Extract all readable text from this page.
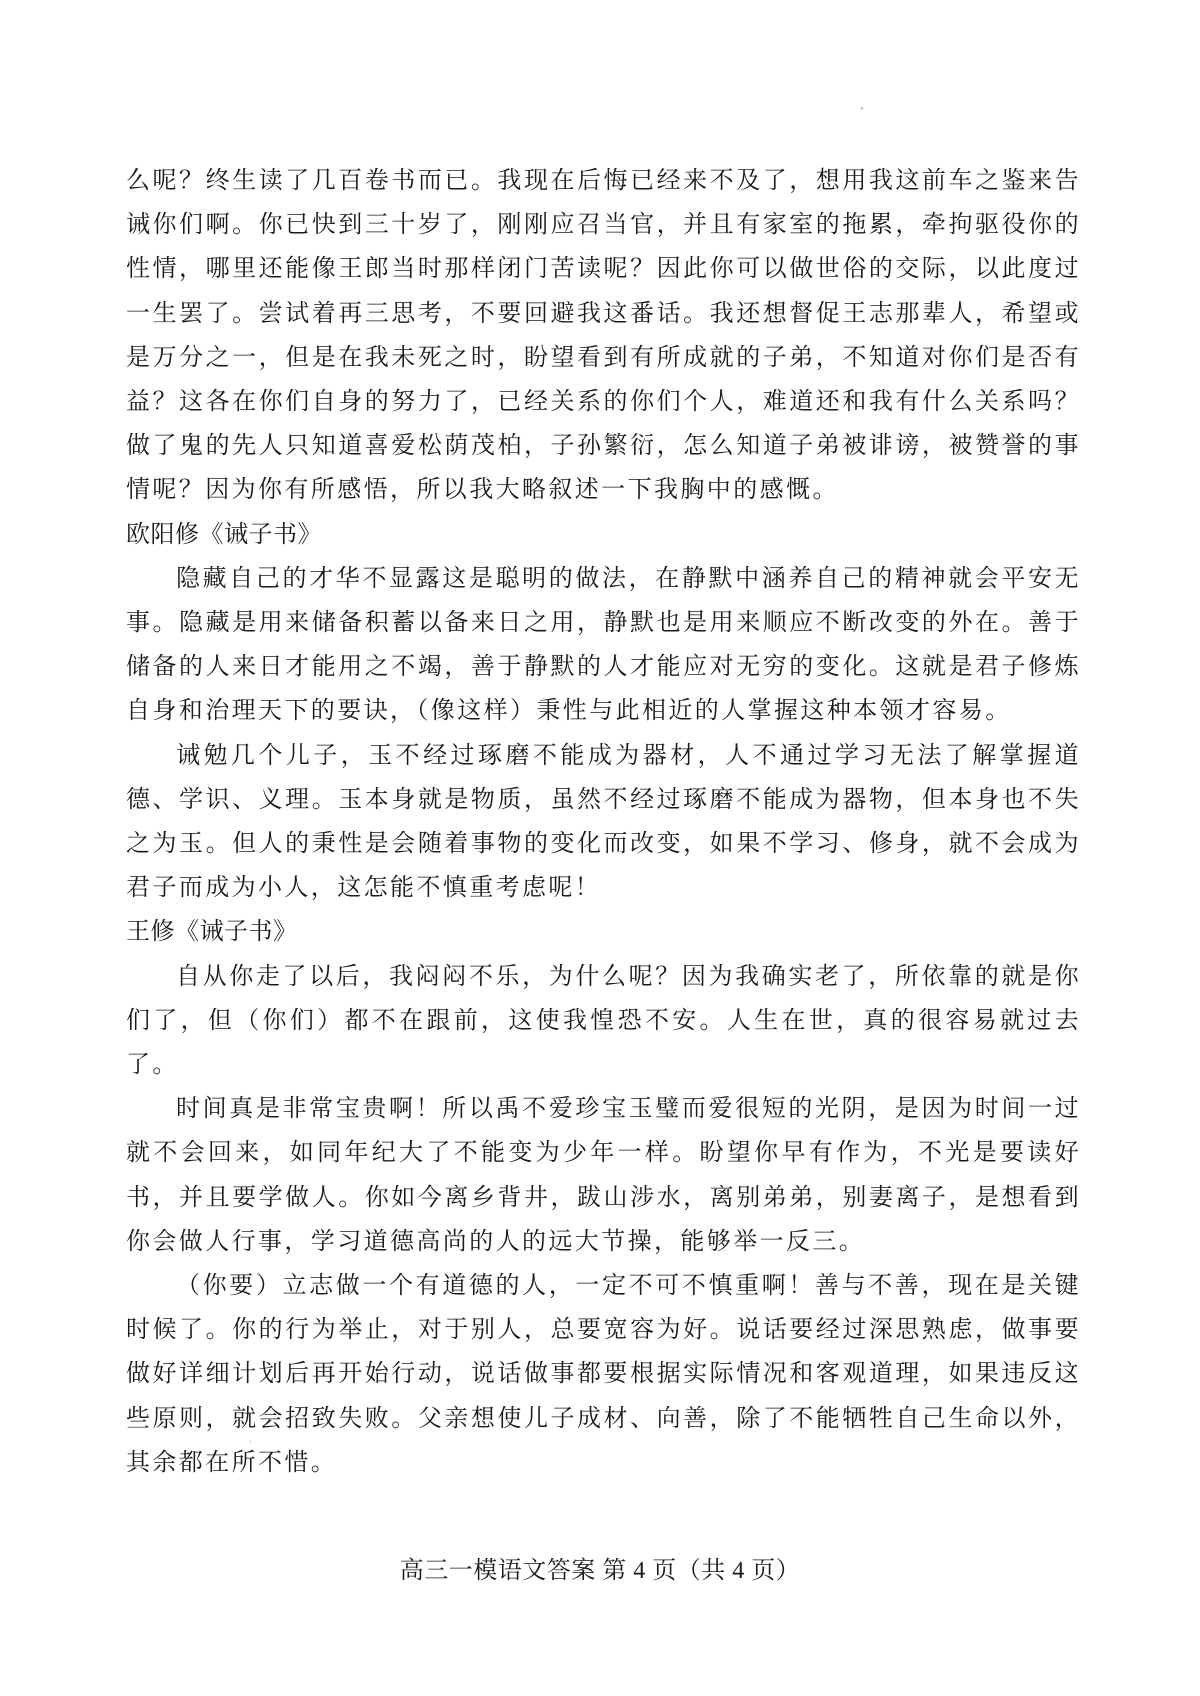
么呢？终生读了几百卷书而已。我现在后悔已经来不及了，想用我这前车之鉴来告诫你们啊。你已快到三十岁了，刚刚应召当官，并且有家室的拖累，牵拘驱役你的性情，哪里还能像王郎当时那样闭门苦读呢？因此你可以做世俗的交际，以此度过一生罢了。尝试着再三思考，不要回避我这番话。我还想督促王志那辈人，希望或是万分之一，但是在我未死之时，盼望看到有所成就的子弟，不知道对你们是否有益？这各在你们自身的努力了，已经关系的你们个人，难道还和我有什么关系吗？做了鬼的先人只知道喜爱松荫茂柏，子孙繁衍，怎么知道子弟被诽谤，被赞誉的事情呢？因为你有所感悟，所以我大略叙述一下我胸中的感慨。

欧阳修《诫子书》

隐藏自己的才华不显露这是聪明的做法，在静默中涵养自己的精神就会平安无事。隐藏是用来储备积蓄以备来日之用，静默也是用来顺应不断改变的外在。善于储备的人来日才能用之不竭，善于静默的人才能应对无穷的变化。这就是君子修炼自身和治理天下的要诀，（像这样）秉性与此相近的人掌握这种本领才容易。

诫勉几个儿子，玉不经过琢磨不能成为器材，人不通过学习无法了解掌握道德、学识、义理。玉本身就是物质，虽然不经过琢磨不能成为器物，但本身也不失之为玉。但人的秉性是会随着事物的变化而改变，如果不学习、修身，就不会成为君子而成为小人，这怎能不慎重考虑呢！

王修《诫子书》

自从你走了以后，我闷闷不乐，为什么呢？因为我确实老了，所依靠的就是你们了，但（你们）都不在跟前，这使我惶恐不安。人生在世，真的很容易就过去了。

时间真是非常宝贵啊！所以禹不爱珍宝玉璧而爱很短的光阴，是因为时间一过就不会回来，如同年纪大了不能变为少年一样。盼望你早有作为，不光是要读好书，并且要学做人。你如今离乡背井，跋山涉水，离别弟弟，别妻离子，是想看到你会做人行事，学习道德高尚的人的远大节操，能够举一反三。

（你要）立志做一个有道德的人，一定不可不慎重啊！善与不善，现在是关键时候了。你的行为举止，对于别人，总要宽容为好。说话要经过深思熟虑，做事要做好详细计划后再开始行动，说话做事都要根据实际情况和客观道理，如果违反这些原则，就会招致失败。父亲想使儿子成材、向善，除了不能牺牲自己生命以外，其余都在所不惜。

高三一模语文答案 第 4 页（共 4 页）
